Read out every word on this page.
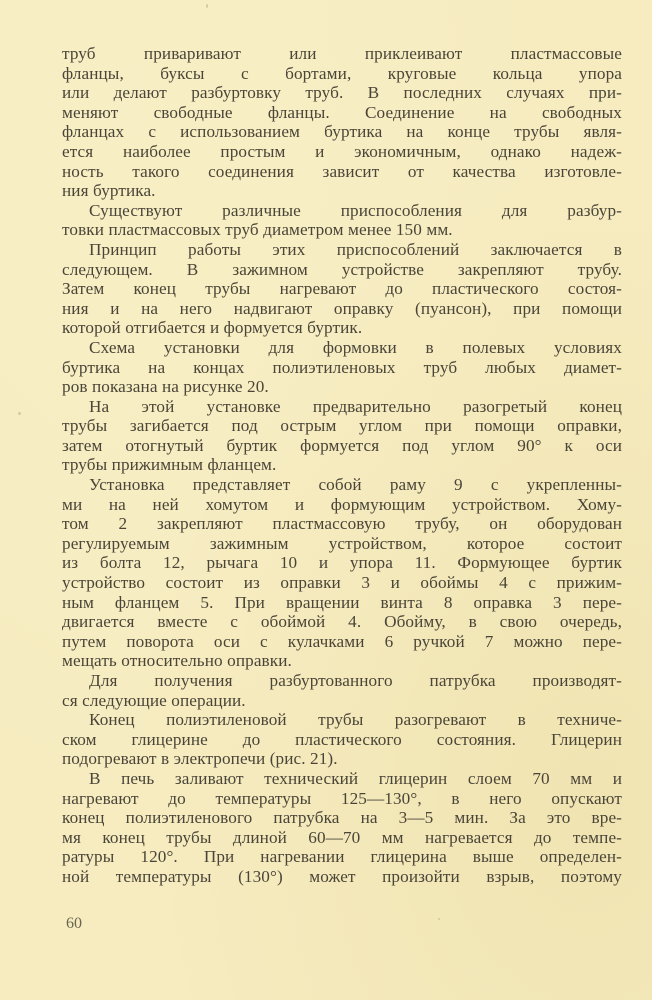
труб приваривают или приклеивают пластмассовые
фланцы, буксы с бортами, круговые кольца упора
или делают разбуртовку труб. В последних случаях при-
меняют свободные фланцы. Соединение на свободных
фланцах с использованием буртика на конце трубы явля-
ется наиболее простым и экономичным, однако надеж-
ность такого соединения зависит от качества изготовле-
ния буртика.
Существуют различные приспособления для разбур-
товки пластмассовых труб диаметром менее 150 мм.
Принцип работы этих приспособлений заключается в
следующем. В зажимном устройстве закрепляют трубу.
Затем конец трубы нагревают до пластического состоя-
ния и на него надвигают оправку (пуансон), при помощи
которой отгибается и формуется буртик.
Схема установки для формовки в полевых условиях
буртика на концах полиэтиленовых труб любых диамет-
ров показана на рисунке 20.
На этой установке предварительно разогретый конец
трубы загибается под острым углом при помощи оправки,
затем отогнутый буртик формуется под углом 90° к оси
трубы прижимным фланцем.
Установка представляет собой раму 9 с укрепленны-
ми на ней хомутом и формующим устройством. Хому-
том 2 закрепляют пластмассовую трубу, он оборудован
регулируемым зажимным устройством, которое состоит
из болта 12, рычага 10 и упора 11. Формующее буртик
устройство состоит из оправки 3 и обоймы 4 с прижим-
ным фланцем 5. При вращении винта 8 оправка 3 пере-
двигается вместе с обоймой 4. Обойму, в свою очередь,
путем поворота оси с кулачками 6 ручкой 7 можно пере-
мещать относительно оправки.
Для получения разбуртованного патрубка производят-
ся следующие операции.
Конец полиэтиленовой трубы разогревают в техниче-
ском глицерине до пластического состояния. Глицерин
подогревают в электропечи (рис. 21).
В печь заливают технический глицерин слоем 70 мм и
нагревают до температуры 125—130°, в него опускают
конец полиэтиленового патрубка на 3—5 мин. За это вре-
мя конец трубы длиной 60—70 мм нагревается до темпе-
ратуры 120°. При нагревании глицерина выше определен-
ной температуры (130°) может произойти взрыв, поэтому
60
